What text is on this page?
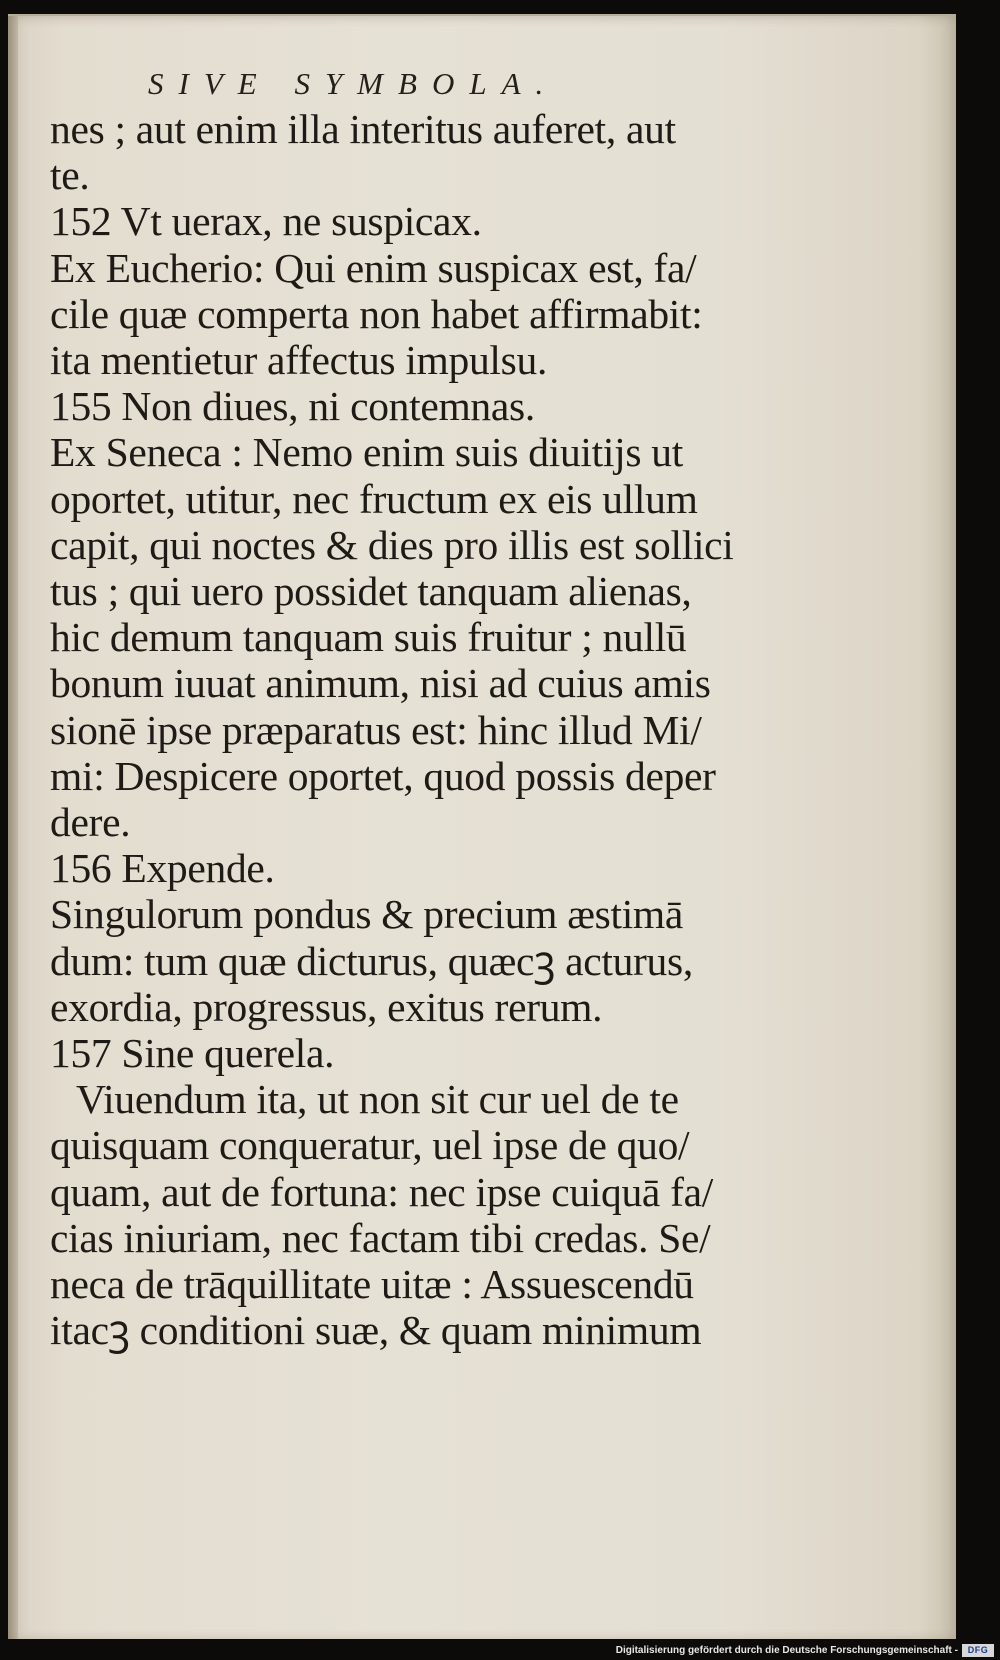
SIVE SYMBOLA.
nes ; aut enim illa interitus auferet, aut
te.
152 Vt uerax, ne suspicax.
Ex Eucherio: Qui enim suspicax est, fa/
cile quæ comperta non habet affirmabit:
ita mentietur affectus impulsu.
155 Non diues, ni contemnas.
Ex Seneca : Nemo enim suis diuitijs ut
oportet, utitur, nec fructum ex eis ullum
capit, qui noctes & dies pro illis est sollici
tus ; qui uero possidet tanquam alienas,
hic demum tanquam suis fruitur ; nullū
bonum iuuat animum, nisi ad cuius amis
sionē ipse præparatus est: hinc illud Mi/
mi: Despicere oportet, quod possis deper
dere.
156 Expende.
Singulorum pondus & precium æstimā
dum: tum quæ dicturus, quæcꝫ acturus,
exordia, progressus, exitus rerum.
157 Sine querela.
Viuendum ita, ut non sit cur uel de te
quisquam conqueratur, uel ipse de quo/
quam, aut de fortuna: nec ipse cuiquā fa/
cias iniuriam, nec factam tibi credas. Se/
neca de trāquillitate uitæ : Assuescendū
itacꝫ conditioni suæ, & quam minimum
Digitalisierung gefördert durch die Deutsche Forschungsgemeinschaft -	DFG
